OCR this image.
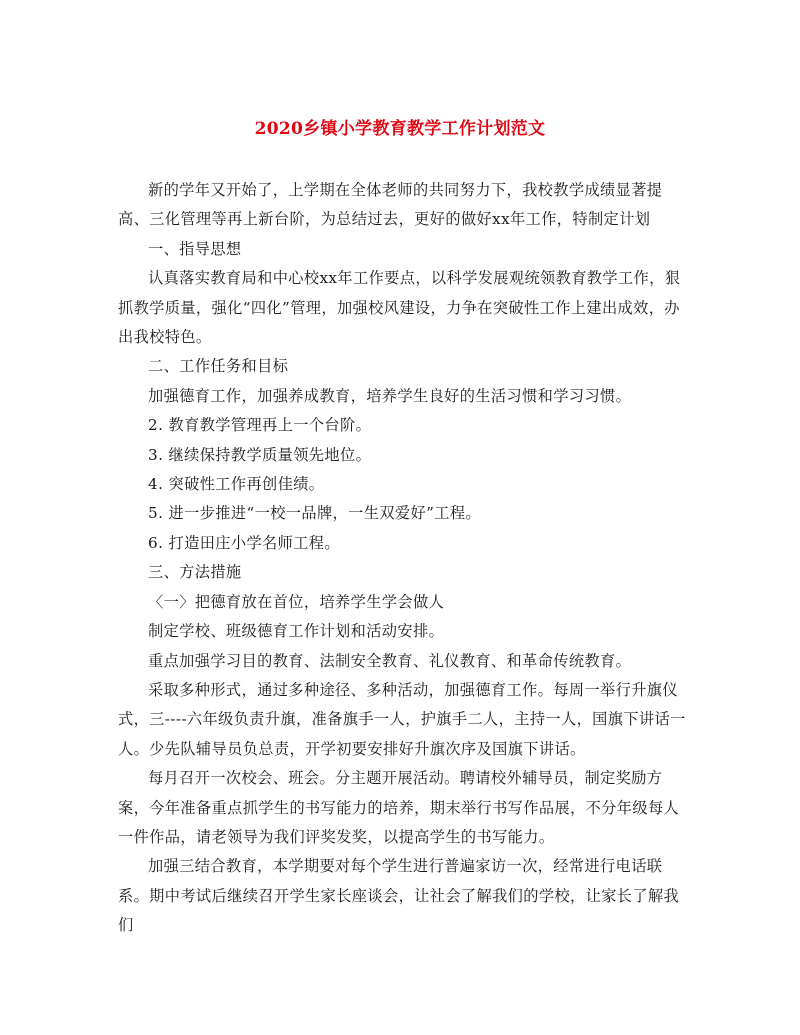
2020乡镇小学教育教学工作计划范文

新的学年又开始了，上学期在全体老师的共同努力下，我校教学成绩显著提高、三化管理等再上新台阶，为总结过去，更好的做好xx年工作，特制定计划

一、指导思想

认真落实教育局和中心校xx年工作要点，以科学发展观统领教育教学工作，狠抓教学质量，强化“四化”管理，加强校风建设，力争在突破性工作上建出成效，办出我校特色。

二、工作任务和目标

加强德育工作，加强养成教育，培养学生良好的生活习惯和学习习惯。

2. 教育教学管理再上一个台阶。

3. 继续保持教学质量领先地位。

4. 突破性工作再创佳绩。

5. 进一步推进“一校一品牌，一生双爱好”工程。

6. 打造田庄小学名师工程。

三、方法措施

〈一〉把德育放在首位，培养学生学会做人

制定学校、班级德育工作计划和活动安排。

重点加强学习目的教育、法制安全教育、礼仪教育、和革命传统教育。

采取多种形式，通过多种途径、多种活动，加强德育工作。每周一举行升旗仪式，三----六年级负责升旗，准备旗手一人，护旗手二人，主持一人，国旗下讲话一人。少先队辅导员负总责，开学初要安排好升旗次序及国旗下讲话。

每月召开一次校会、班会。分主题开展活动。聘请校外辅导员，制定奖励方案，今年准备重点抓学生的书写能力的培养，期末举行书写作品展，不分年级每人一件作品，请老领导为我们评奖发奖，以提高学生的书写能力。

加强三结合教育，本学期要对每个学生进行普遍家访一次，经常进行电话联系。期中考试后继续召开学生家长座谈会，让社会了解我们的学校，让家长了解我们
